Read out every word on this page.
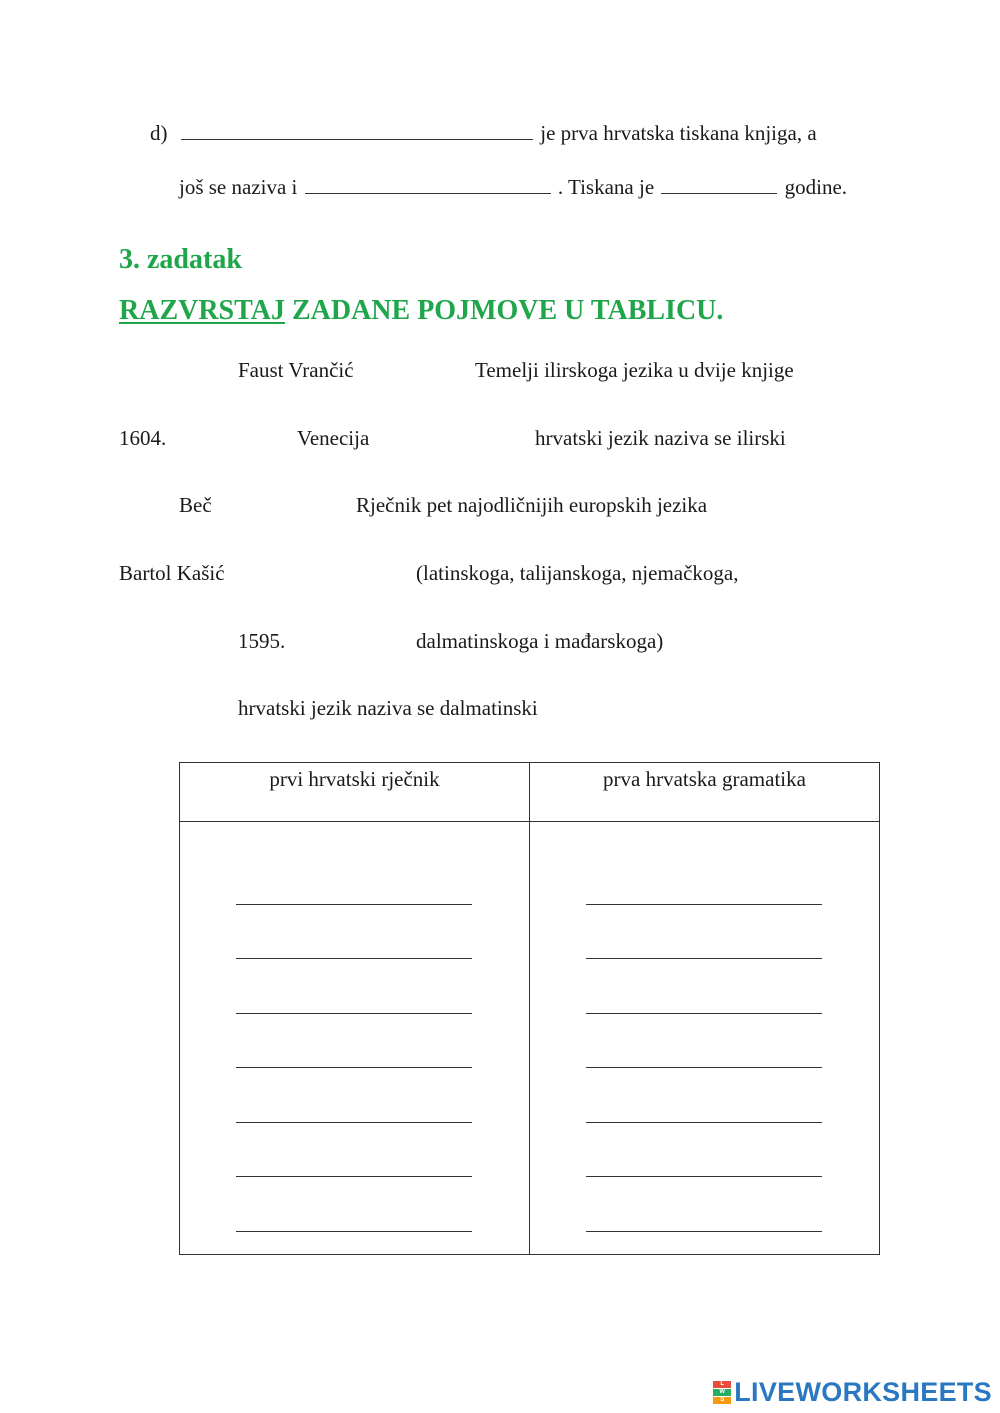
d)	je prva hrvatska tiskana knjiga, a
još se naziva i	. Tiskana je	godine.
3. zadatak
RAZVRSTAJ ZADANE POJMOVE U TABLICU.
Faust Vrančić	Temelji ilirskoga jezika u dvije knjige
1604.	Venecija	hrvatski jezik naziva se ilirski
Beč	Rječnik pet najodličnijih europskih jezika
Bartol Kašić	(latinskoga, talijanskoga, njemačkoga,
1595.	dalmatinskoga i mađarskoga)
hrvatski jezik naziva se dalmatinski
prvi hrvatski rječnik	prva hrvatska gramatika

L
W
S LIVEWORKSHEETS
